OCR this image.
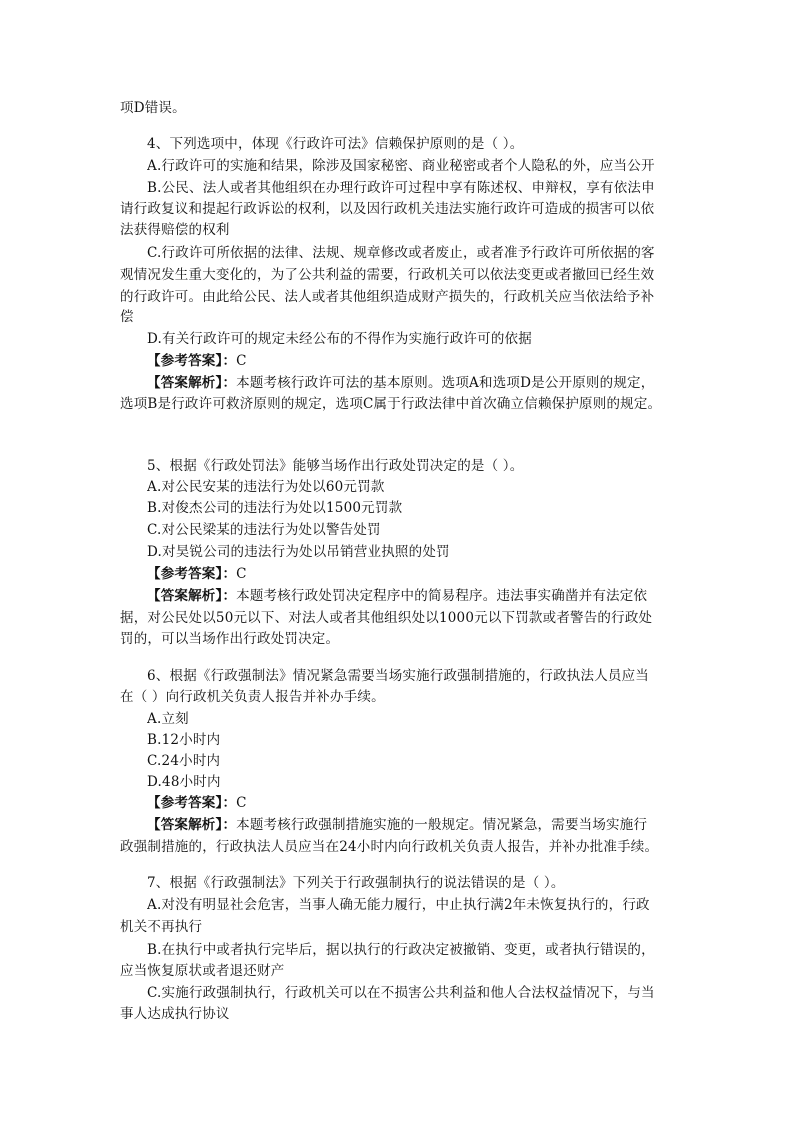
项D错误。
4、下列选项中，体现《行政许可法》信赖保护原则的是（ ）。
A.行政许可的实施和结果，除涉及国家秘密、商业秘密或者个人隐私的外，应当公开
B.公民、法人或者其他组织在办理行政许可过程中享有陈述权、申辩权，享有依法申
请行政复议和提起行政诉讼的权利，以及因行政机关违法实施行政许可造成的损害可以依
法获得赔偿的权利
C.行政许可所依据的法律、法规、规章修改或者废止，或者准予行政许可所依据的客
观情况发生重大变化的，为了公共利益的需要，行政机关可以依法变更或者撤回已经生效
的行政许可。由此给公民、法人或者其他组织造成财产损失的，行政机关应当依法给予补
偿
D.有关行政许可的规定未经公布的不得作为实施行政许可的依据
【参考答案】：C
【答案解析】：本题考核行政许可法的基本原则。选项A和选项D是公开原则的规定，
选项B是行政许可救济原则的规定，选项C属于行政法律中首次确立信赖保护原则的规定。
5、根据《行政处罚法》能够当场作出行政处罚决定的是（ ）。
A.对公民安某的违法行为处以60元罚款
B.对俊杰公司的违法行为处以1500元罚款
C.对公民梁某的违法行为处以警告处罚
D.对昊锐公司的违法行为处以吊销营业执照的处罚
【参考答案】：C
【答案解析】：本题考核行政处罚决定程序中的简易程序。违法事实确凿并有法定依
据，对公民处以50元以下、对法人或者其他组织处以1000元以下罚款或者警告的行政处
罚的，可以当场作出行政处罚决定。
6、根据《行政强制法》情况紧急需要当场实施行政强制措施的，行政执法人员应当
在（ ）向行政机关负责人报告并补办手续。
A.立刻
B.12小时内
C.24小时内
D.48小时内
【参考答案】：C
【答案解析】：本题考核行政强制措施实施的一般规定。情况紧急，需要当场实施行
政强制措施的，行政执法人员应当在24小时内向行政机关负责人报告，并补办批准手续。
7、根据《行政强制法》下列关于行政强制执行的说法错误的是（ ）。
A.对没有明显社会危害，当事人确无能力履行，中止执行满2年未恢复执行的，行政
机关不再执行
B.在执行中或者执行完毕后，据以执行的行政决定被撤销、变更，或者执行错误的，
应当恢复原状或者退还财产
C.实施行政强制执行，行政机关可以在不损害公共利益和他人合法权益情况下，与当
事人达成执行协议
